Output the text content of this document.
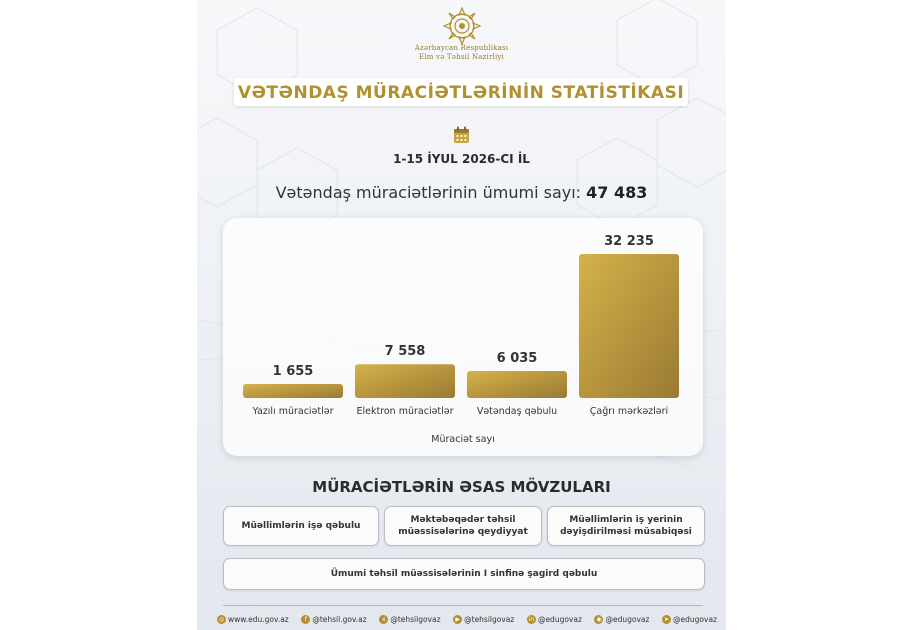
Azərbaycan Respublikası
Elm və Təhsil Nazirliyi
VƏTƏNDAŞ MÜRACİƏTLƏRİNİN STATİSTİKASI
1-15 İYUL 2026-CI İL
Vətəndaş müraciətlərinin ümumi sayı: 47 483
1 655
Yazılı müraciətlər
7 558
Elektron müraciətlər
6 035
Vətəndaş qəbulu
32 235
Çağrı mərkəzləri
Müraciət sayı
MÜRACİƏTLƏRİN ƏSAS MÖVZULARI
Müəllimlərin işə qəbulu
Məktəbəqədər təhsil müəssisələrinə qeydiyyat
Müəllimlərin iş yerinin dəyişdirilməsi müsabiqəsi
Ümumi təhsil müəssisələrinin I sinfinə şagird qəbulu
◎ www.edu.gov.az	f @tehsil.gov.az	x @tehsilgovaz	▶ @tehsilgovaz in @edugovaz	◉ @edugovaz	➤ @edugovaz
